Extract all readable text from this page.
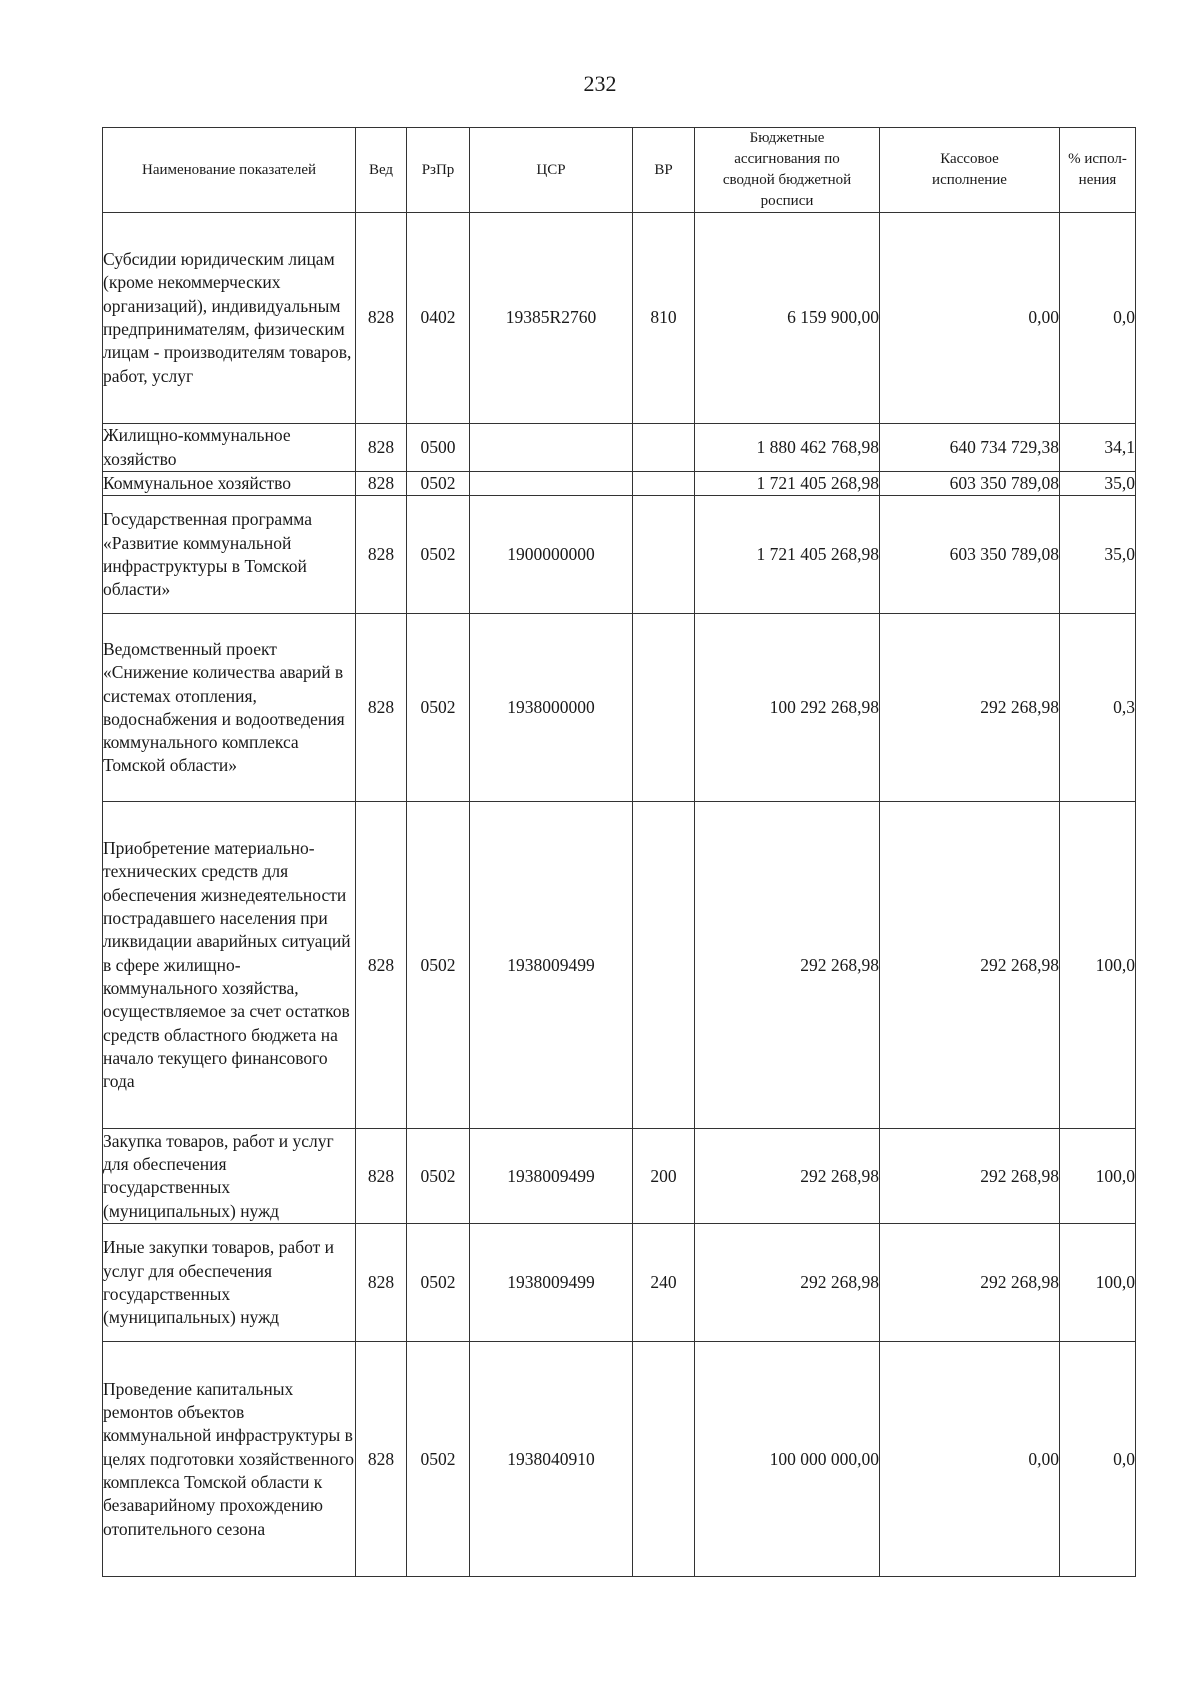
232
Наименование показателей	Вед	РзПр	ЦСР	ВР	Бюджетные ассигнования по сводной бюджетной росписи	Кассовое исполнение	% испол-нения
Субсидии юридическим лицам (кроме некоммерческих организаций), индивидуальным предпринимателям, физическим лицам - производителям товаров, работ, услуг	828	0402	19385R2760	810	6 159 900,00	0,00	0,0
Жилищно-коммунальное хозяйство	828	0500			1 880 462 768,98	640 734 729,38	34,1
Коммунальное хозяйство	828	0502			1 721 405 268,98	603 350 789,08	35,0
Государственная программа «Развитие коммунальной инфраструктуры в Томской области»	828	0502	1900000000		1 721 405 268,98	603 350 789,08	35,0
Ведомственный проект «Снижение количества аварий в системах отопления, водоснабжения и водоотведения коммунального комплекса Томской области»	828	0502	1938000000		100 292 268,98	292 268,98	0,3
Приобретение материально-технических средств для обеспечения жизнедеятельности пострадавшего населения при ликвидации аварийных ситуаций в сфере жилищно-коммунального хозяйства, осуществляемое за счет остатков средств областного бюджета на начало текущего финансового года	828	0502	1938009499		292 268,98	292 268,98	100,0
Закупка товаров, работ и услуг для обеспечения государственных (муниципальных) нужд	828	0502	1938009499	200	292 268,98	292 268,98	100,0
Иные закупки товаров, работ и услуг для обеспечения государственных (муниципальных) нужд	828	0502	1938009499	240	292 268,98	292 268,98	100,0
Проведение капитальных ремонтов объектов коммунальной инфраструктуры в целях подготовки хозяйственного комплекса Томской области к безаварийному прохождению отопительного сезона	828	0502	1938040910		100 000 000,00	0,00	0,0
